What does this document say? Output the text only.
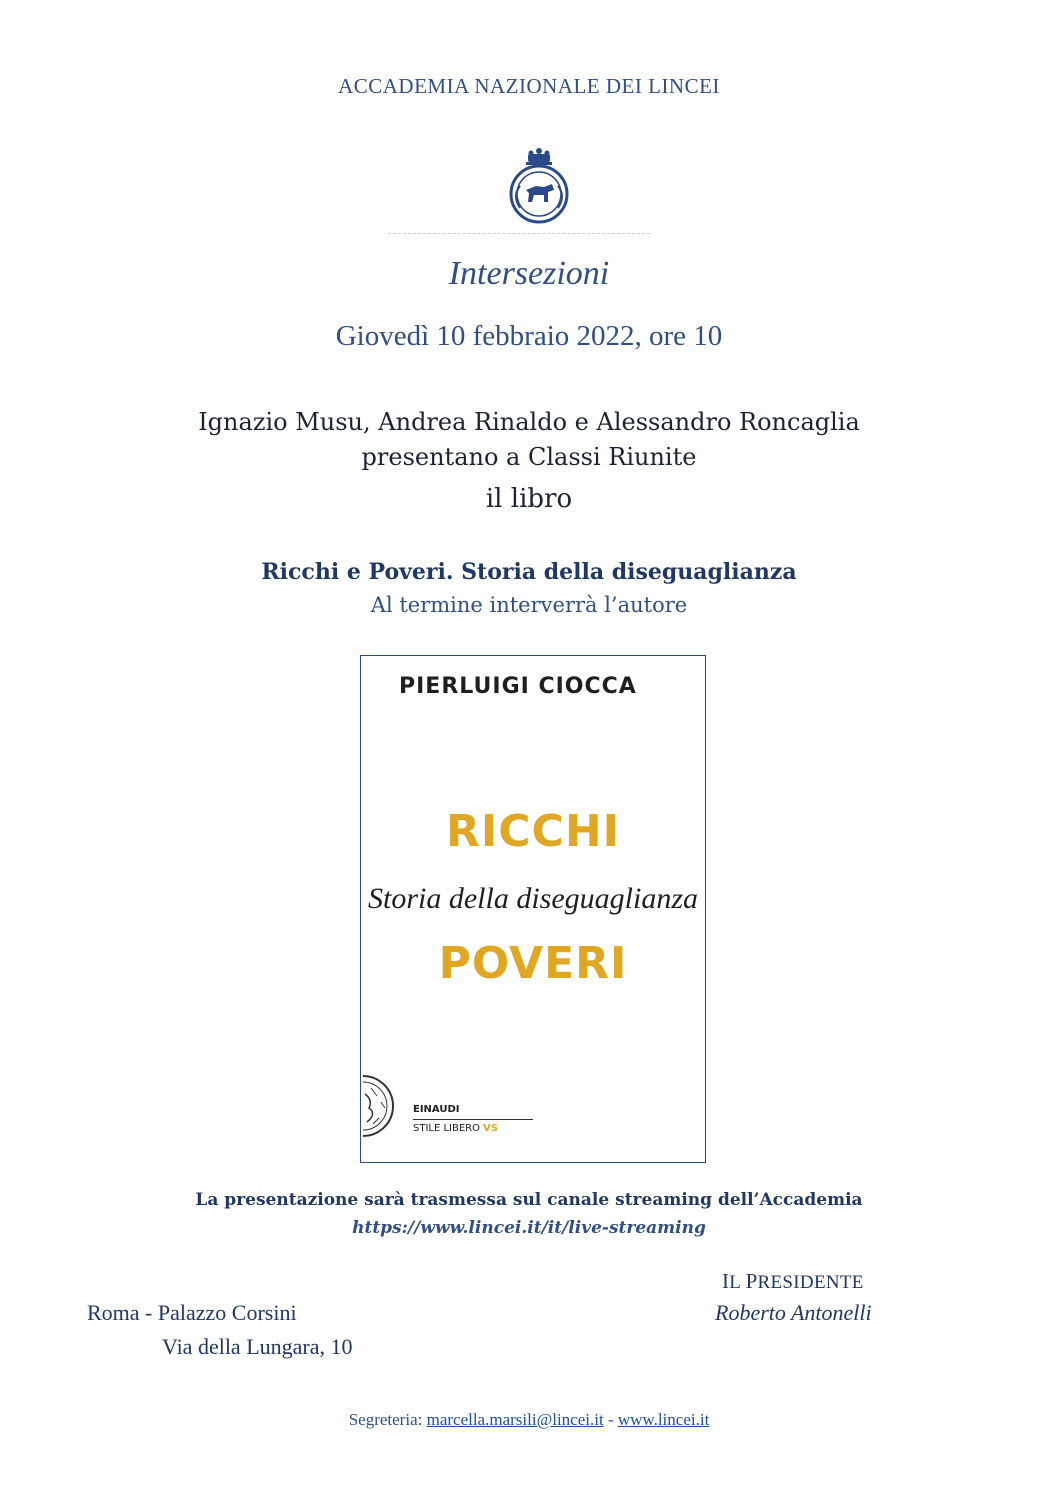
ACCADEMIA NAZIONALE DEI LINCEI
Intersezioni
Giovedì 10 febbraio 2022, ore 10
Ignazio Musu, Andrea Rinaldo e Alessandro Roncaglia
presentano a Classi Riunite
il libro
Ricchi e Poveri. Storia della diseguaglianza
Al termine interverrà l’autore
PIERLUIGI CIOCCA
RICCHI
Storia della diseguaglianza
POVERI
EINAUDI
STILE LIBERO VS
La presentazione sarà trasmessa sul canale streaming dell’Accademia
https://www.lincei.it/it/live-streaming
IL PRESIDENTE
Roberto Antonelli
Roma - Palazzo Corsini
Via della Lungara, 10
Segreteria: marcella.marsili@lincei.it - www.lincei.it
